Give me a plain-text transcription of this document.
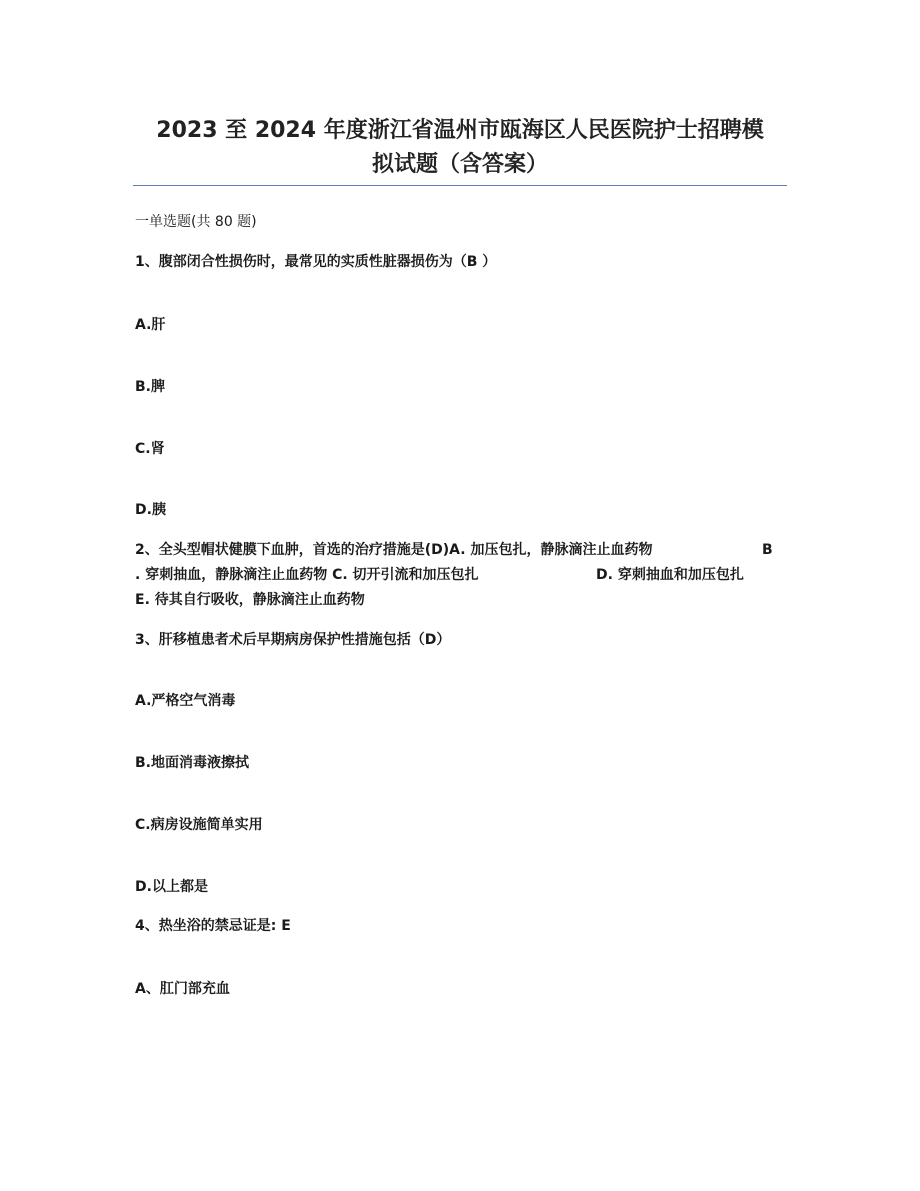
2023 至 2024 年度浙江省温州市瓯海区人民医院护士招聘模
拟试题（含答案）
一单选题(共 80 题)
1、腹部闭合性损伤时，最常见的实质性脏器损伤为（B ）
A.肝
B.脾
C.肾
D.胰
2、全头型帽状健膜下血肿，首选的治疗措施是(D)A. 加压包扎，静脉滴注止血药物	B
. 穿刺抽血，静脉滴注止血药物 C. 切开引流和加压包扎	D. 穿刺抽血和加压包扎
E. 待其自行吸收，静脉滴注止血药物
3、肝移植患者术后早期病房保护性措施包括（D）
A.严格空气消毒
B.地面消毒液擦拭
C.病房设施简单实用
D.以上都是
4、热坐浴的禁忌证是: E
A、肛门部充血
